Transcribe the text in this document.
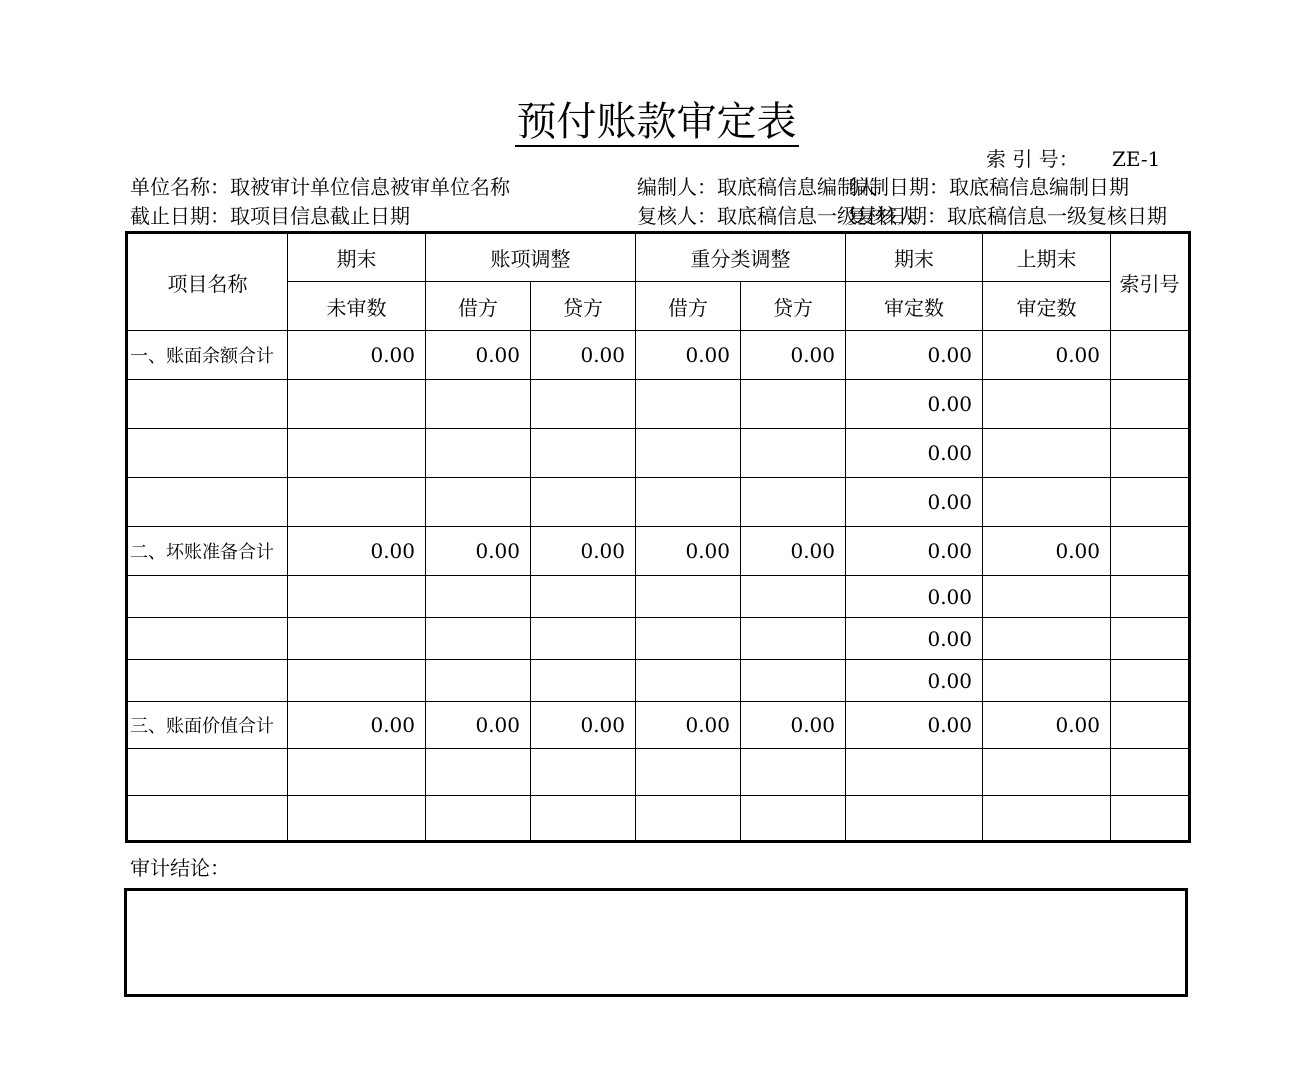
预付账款审定表
索 引 号： ZE-1
单位名称：取被审计单位信息被审单位名称	编制人：取底稿信息编制人
编制日期：取底稿信息编制日期
截止日期：取项目信息截止日期	复核人：取底稿信息一级复核人
复核日期：取底稿信息一级复核日期
项目名称	期末	账项调整		重分类调整		期末	上期末	索引号
	未审数	借方	贷方	借方	贷方	审定数	审定数	
一、账面余额合计	0.00	0.00	0.00	0.00	0.00	0.00	0.00	
						0.00		
						0.00		
						0.00		
二、坏账准备合计	0.00	0.00	0.00	0.00	0.00	0.00	0.00	
						0.00		
						0.00		
						0.00		
三、账面价值合计	0.00	0.00	0.00	0.00	0.00	0.00	0.00	

审计结论：
